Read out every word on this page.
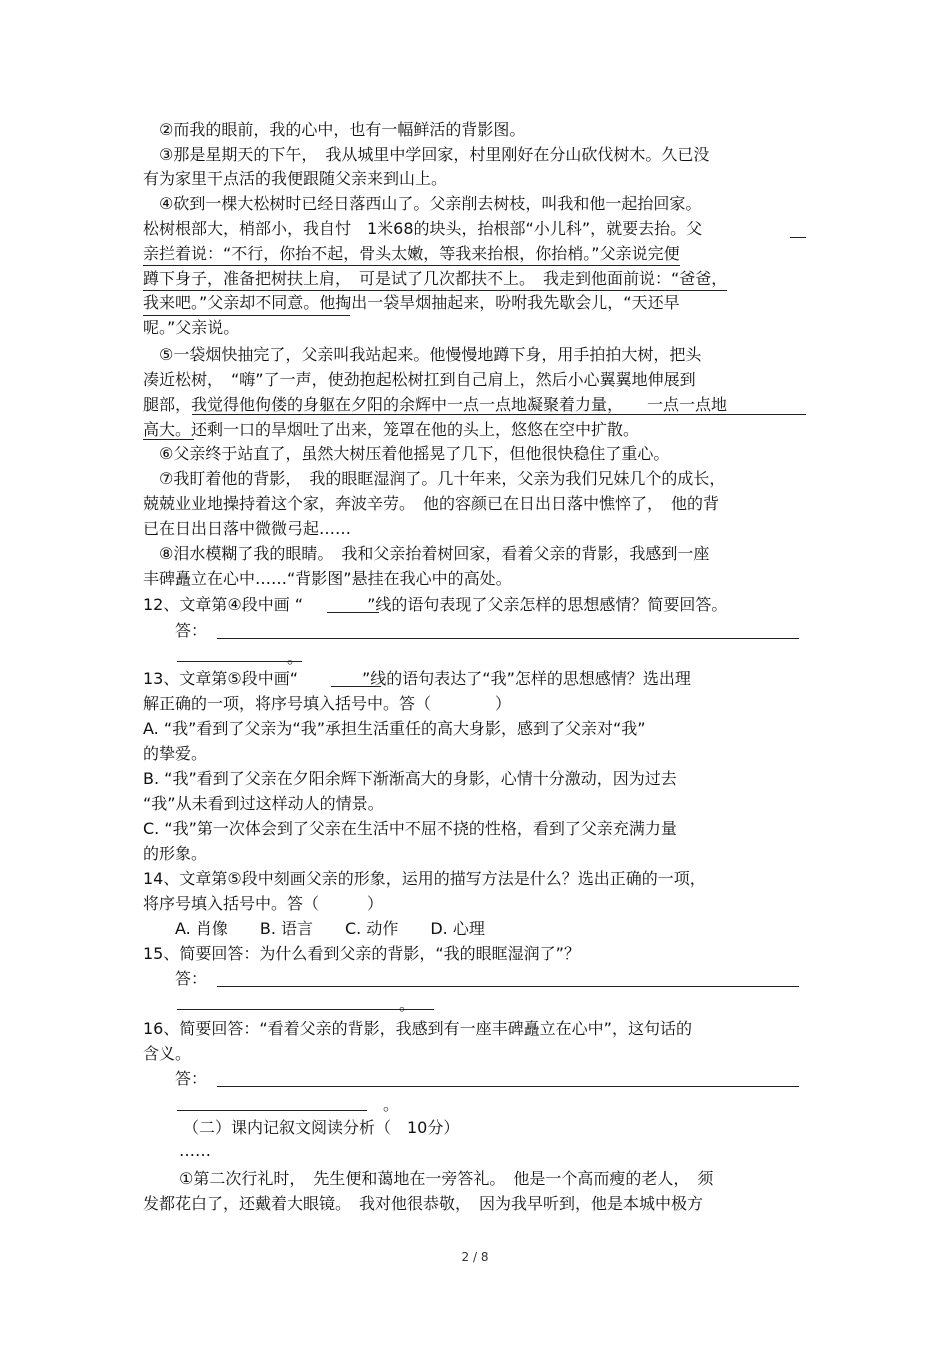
　②而我的眼前，我的心中，也有一幅鲜活的背影图。
　③那是星期天的下午，　我从城里中学回家，村里刚好在分山砍伐树木。久已没
有为家里干点活的我便跟随父亲来到山上。
　④砍到一棵大松树时已经日落西山了。父亲削去树枝，叫我和他一起抬回家。
松树根部大，梢部小，我自忖　1米68的块头，抬根部“小儿科”，就要去抬。父
亲拦着说：“不行，你抬不起，骨头太嫩，等我来抬根，你抬梢。”父亲说完便
蹲下身子，准备把树扶上肩，　可是试了几次都扶不上。　我走到他面前说：“爸爸，
我来吧。”父亲却不同意。他掏出一袋旱烟抽起来，吩咐我先歇会儿，“天还早
呢。”父亲说。
　⑤一袋烟快抽完了，父亲叫我站起来。他慢慢地蹲下身，用手拍拍大树，把头
凑近松树，　“嗨”了一声，使劲抱起松树扛到自己肩上，然后小心翼翼地伸展到
腿部，我觉得他佝偻的身躯在夕阳的余辉中一点一点地凝聚着力量，　　一点一点地
高大。还剩一口的旱烟吐了出来，笼罩在他的头上，悠悠在空中扩散。
　⑥父亲终于站直了，虽然大树压着他摇晃了几下，但他很快稳住了重心。
　⑦我盯着他的背影，　我的眼眶湿润了。几十年来，父亲为我们兄妹几个的成长，
兢兢业业地操持着这个家，奔波辛劳。　他的容颜已在日出日落中憔悴了，　他的背
已在日出日落中微微弓起……
　⑧泪水模糊了我的眼睛。　我和父亲抬着树回家，看着父亲的背影，我感到一座
丰碑矗立在心中……“背影图”悬挂在我心中的高处。
12、文章第④段中画 “　　　　”线的语句表现了父亲怎样的思想感情？简要回答。
　　答：
　　　　　　　　　。
13、文章第⑤段中画“　　　　”线的语句表达了“我”怎样的思想感情？选出理
解正确的一项，将序号填入括号中。答（　　　　）
A. “我”看到了父亲为“我”承担生活重任的高大身影，感到了父亲对“我”
的挚爱。
B. “我”看到了父亲在夕阳余辉下渐渐高大的身影，心情十分激动，因为过去
“我”从未看到过这样动人的情景。
C. “我”第一次体会到了父亲在生活中不屈不挠的性格，看到了父亲充满力量
的形象。
14、文章第⑤段中刻画父亲的形象，运用的描写方法是什么？选出正确的一项，
将序号填入括号中。答（　　　）
　A. 肖像　　B. 语言　　C. 动作　　D. 心理
15、简要回答：为什么看到父亲的背影，“我的眼眶湿润了”？
　　答：
　　　　　　　　　　　　　　　　。
16、简要回答：“看着父亲的背影，我感到有一座丰碑矗立在心中”，这句话的
含义。
　　答：
　　　　　　　　　　　　　　　。
　　　（二）课内记叙文阅读分析（　10分）
　……
　①第二次行礼时，　先生便和蔼地在一旁答礼。　他是一个高而瘦的老人，　须
发都花白了，还戴着大眼镜。　我对他很恭敬，　因为我早听到，他是本城中极方
2 / 8
